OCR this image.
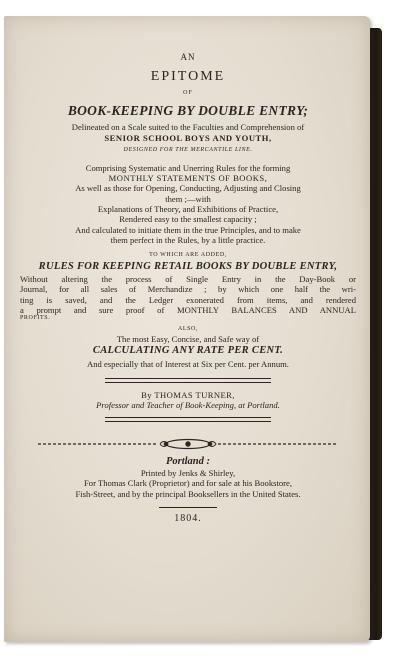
AN
EPITOME
OF
BOOK-KEEPING BY DOUBLE ENTRY;
Delineated on a Scale suited to the Faculties and Comprehension of
SENIOR SCHOOL BOYS AND YOUTH,
DESIGNED FOR THE MERCANTILE LINE.
Comprising Systematic and Unerring Rules for the forming
MONTHLY STATEMENTS OF BOOKS,
As well as those for Opening, Conducting, Adjusting and Closing
them ;—with
Explanations of Theory, and Exhibitions of Practice,
Rendered easy to the smallest capacity ;
And calculated to initiate them in the true Principles, and to make
them perfect in the Rules, by a little practice.
TO WHICH ARE ADDED,
RULES FOR KEEPING RETAIL BOOKS BY DOUBLE ENTRY,
Without altering the process of Single Entry in the Day-Book or
Journal, for all sales of Merchandize ; by which one half the wri-
ting is saved, and the Ledger exonerated from items, and rendered
a prompt and sure proof of MONTHLY BALANCES AND ANNUAL
PROFITS.
ALSO,
The most Easy, Concise, and Safe way of
CALCULATING ANY RATE PER CENT.
And especially that of Interest at Six per Cent. per Annum.
By THOMAS TURNER,
Professor and Teacher of Book-Keeping, at Portland.
Portland :
Printed by Jenks & Shirley,
For Thomas Clark (Proprietor) and for sale at his Bookstore,
Fish-Street, and by the principal Booksellers in the United States.
1804.
